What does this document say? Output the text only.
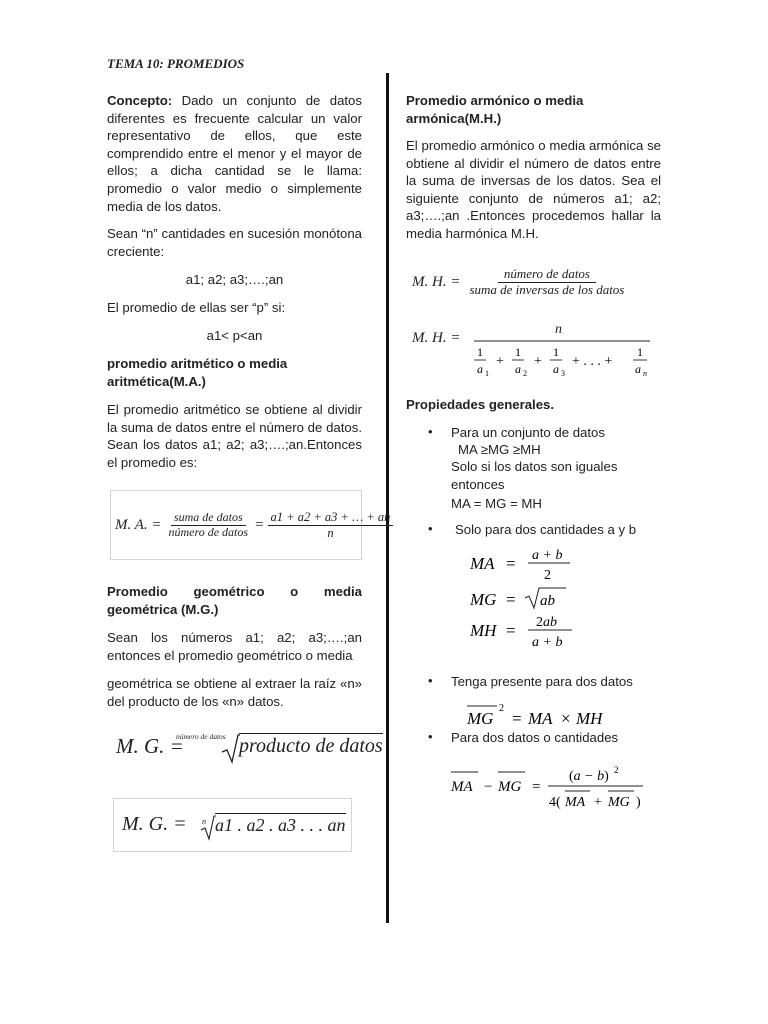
TEMA 10: PROMEDIOS

Concepto: Dado un conjunto de datos diferentes es frecuente calcular un valor representativo de ellos, que este comprendido entre el menor y el mayor de ellos; a dicha cantidad se le llama: promedio o valor medio o simplemente media de los datos.

Sean “n” cantidades en sucesión monótona creciente:

a1; a2; a3;….;an

El promedio de ellas ser “p” si:

a1< p<an
promedio aritmético o media aritmética(M.A.)

El promedio aritmético se obtiene al dividir la suma de datos entre el número de datos. Sean los datos a1; a2; a3;….;an.Entonces el promedio es:

M. A. = $\frac{\text{suma de datos}}{\text{número de datos}} = \frac{a1 + a2 + a3 + \dots + an}{n}$
Promedio geométrico o media geométrica (M.G.)

Sean los números a1; a2; a3;….;an entonces el promedio geométrico o media

geométrica se obtiene al extraer la raíz «n» del producto de los «n» datos.

M. G. =
número de datos producto de datos
M. G. = n a1 . a2 . a3 . . . an
Promedio armónico o media armónica(M.H.)

El promedio armónico o media armónica se obtiene al dividir el número de datos entre la suma de inversas de los datos. Sea el siguiente conjunto de números a1; a2; a3;….;an .Entonces procedemos hallar la media harmónica M.H.

M. H. = $\frac{\text{número de datos}}{\text{suma de inversas de los datos}}$
M. H. =
n
1
a 1
+
1
a 2
+
1
a 3
+ . . . +
1
a n
Propiedades generales.
• Para un conjunto de datos
MA ≥MG ≥MH
Solo si los datos son iguales entonces
MA = MG = MH
• Solo para dos cantidades a y b
MA = a + b
2
MG = ab
MH = 2ab
a + b
• Tenga presente para dos datos
MG
2
= MA × MH
• Para dos datos o cantidades
MA − MG =
(a − b) 2
4( MA + MG )
